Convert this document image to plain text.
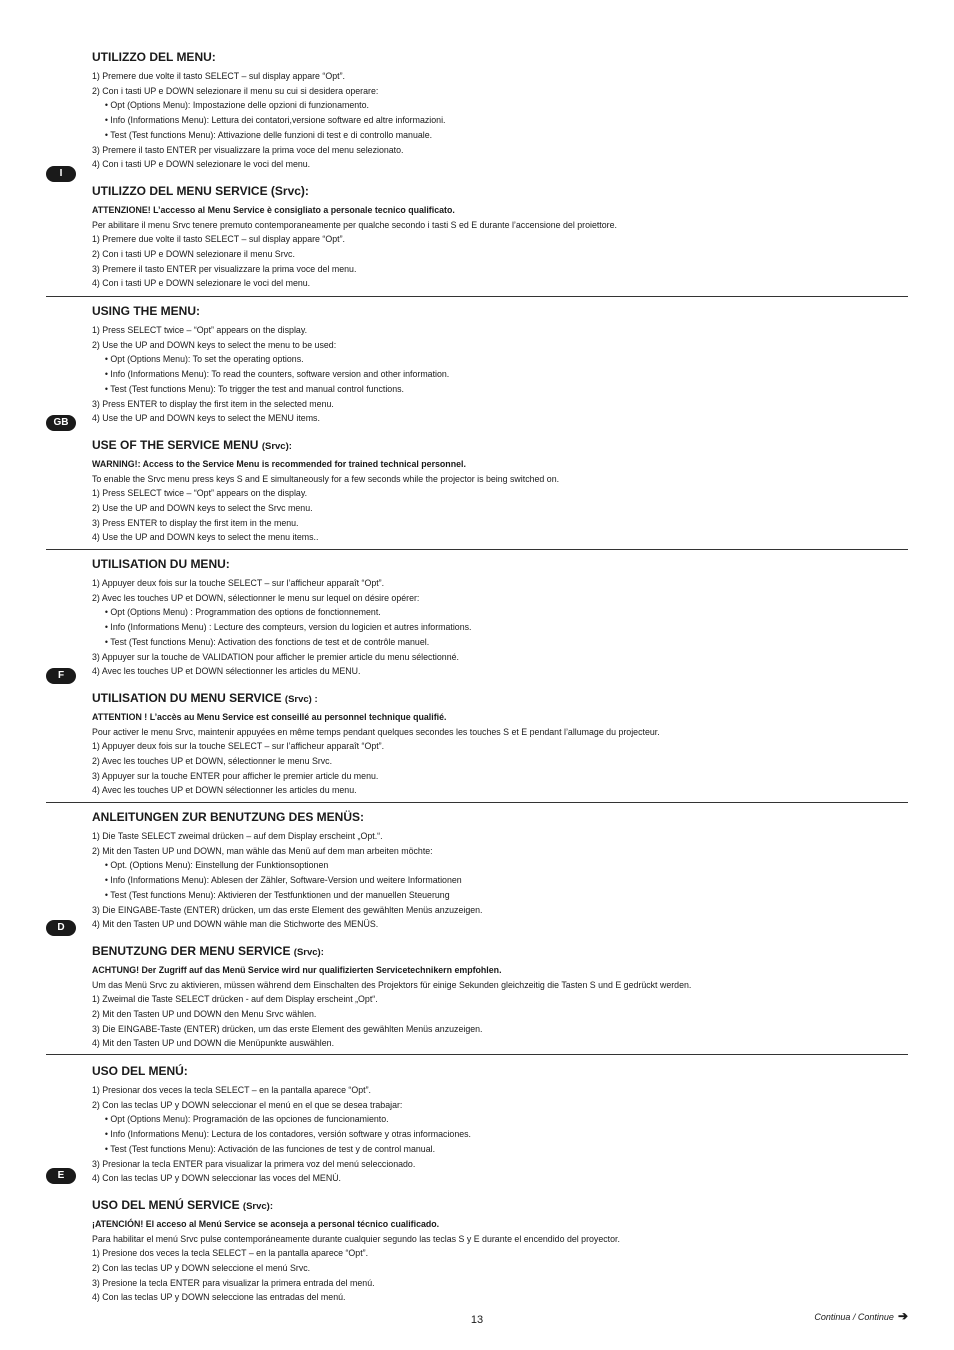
I
UTILIZZO DEL MENU:
1) Premere due volte il tasto SELECT – sul display appare “Opt”.
2) Con i tasti UP e DOWN selezionare il menu su cui si desidera operare:
• Opt (Options Menu): Impostazione delle opzioni di funzionamento.
• Info (Informations Menu): Lettura dei contatori,versione software ed altre informazioni.
• Test (Test functions Menu): Attivazione delle funzioni di test e di controllo manuale.
3) Premere il tasto ENTER per visualizzare la prima voce del menu selezionato.
4) Con i tasti UP e DOWN selezionare le voci del menu.
UTILIZZO DEL MENU SERVICE (Srvc):
ATTENZIONE! L’accesso al Menu Service è consigliato a personale tecnico qualificato.
Per abilitare il menu Srvc tenere premuto contemporaneamente per qualche secondo i tasti S ed E durante l’accensione del proiettore.
1) Premere due volte il tasto SELECT – sul display appare “Opt”.
2) Con i tasti UP e DOWN selezionare il menu Srvc.
3) Premere il tasto ENTER per visualizzare la prima voce del menu.
4) Con i tasti UP e DOWN selezionare le voci del menu.
GB
USING THE MENU:
1) Press SELECT twice – “Opt” appears on the display.
2) Use the UP and DOWN keys to select the menu to be used:
• Opt (Options Menu): To set the operating options.
• Info (Informations Menu): To read the counters, software version and other information.
• Test (Test functions Menu): To trigger the test and manual control functions.
3) Press ENTER to display the first item in the selected menu.
4) Use the UP and DOWN keys to select the MENU items.
USE OF THE SERVICE MENU (Srvc):
WARNING!: Access to the Service Menu is recommended for trained technical personnel.
To enable the Srvc menu press keys S and E simultaneously for a few seconds while the projector is being switched on.
1) Press SELECT twice – “Opt” appears on the display.
2) Use the UP and DOWN keys to select the Srvc menu.
3) Press ENTER to display the first item in the menu.
4) Use the UP and DOWN keys to select the menu items..
F
UTILISATION DU MENU:
1) Appuyer deux fois sur la touche SELECT – sur l’afficheur apparaît “Opt”.
2) Avec les touches UP et DOWN, sélectionner le menu sur lequel on désire opérer:
• Opt (Options Menu) : Programmation des options de fonctionnement.
• Info (Informations Menu) : Lecture des compteurs, version du logicien et autres informations.
• Test (Test functions Menu): Activation des fonctions de test et de contrôle manuel.
3) Appuyer sur la touche de VALIDATION pour afficher le premier article du menu sélectionné.
4) Avec les touches UP et DOWN sélectionner les articles du MENU.
UTILISATION DU MENU SERVICE (Srvc) :
ATTENTION ! L’accès au Menu Service est conseillé au personnel technique qualifié.
Pour activer le menu Srvc, maintenir appuyées en même temps pendant quelques secondes les touches S et E pendant l’allumage du projecteur.
1) Appuyer deux fois sur la touche SELECT – sur l’afficheur apparaît “Opt”.
2) Avec les touches UP et DOWN, sélectionner le menu Srvc.
3) Appuyer sur la touche ENTER pour afficher le premier article du menu.
4) Avec les touches UP et DOWN sélectionner les articles du menu.
D
ANLEITUNGEN ZUR BENUTZUNG DES MENÜS:
1) Die Taste SELECT zweimal drücken – auf dem Display erscheint „Opt.“.
2) Mit den Tasten UP und DOWN, man wähle das Menü auf dem man arbeiten möchte:
• Opt. (Options Menu): Einstellung der Funktionsoptionen
• Info (Informations Menu): Ablesen der Zähler, Software-Version und weitere Informationen
• Test (Test functions Menu): Aktivieren der Testfunktionen und der manuellen Steuerung
3) Die EINGABE-Taste (ENTER) drücken, um das erste Element des gewählten Menüs anzuzeigen.
4) Mit den Tasten UP und DOWN wähle man die Stichworte des MENÜS.
BENUTZUNG DER MENU SERVICE (Srvc):
ACHTUNG! Der Zugriff auf das Menü Service wird nur qualifizierten Servicetechnikern empfohlen.
Um das Menü Srvc zu aktivieren, müssen während dem Einschalten des Projektors für einige Sekunden gleichzeitig die Tasten S und E gedrückt werden.
1) Zweimal die Taste SELECT drücken - auf dem Display erscheint „Opt“.
2) Mit den Tasten UP und DOWN den Menu Srvc wählen.
3) Die EINGABE-Taste (ENTER) drücken, um das erste Element des gewählten Menüs anzuzeigen.
4) Mit den Tasten UP und DOWN die Menüpunkte auswählen.
E
USO DEL MENÚ:
1) Presionar dos veces la tecla SELECT – en la pantalla aparece “Opt”.
2) Con las teclas UP y DOWN seleccionar el menú en el que se desea trabajar:
• Opt (Options Menu): Programación de las opciones de funcionamiento.
• Info (Informations Menu): Lectura de los contadores, versión software y otras informaciones.
• Test (Test functions Menu): Activación de las funciones de test y de control manual.
3) Presionar la tecla ENTER para visualizar la primera voz del menú seleccionado.
4) Con las teclas UP y DOWN seleccionar las voces del MENÚ.
USO DEL MENÚ SERVICE (Srvc):
¡ATENCIÓN! El acceso al Menú Service se aconseja a personal técnico cualificado.
Para habilitar el menú Srvc pulse contemporáneamente durante cualquier segundo las teclas S y E durante el encendido del proyector.
1) Presione dos veces la tecla SELECT – en la pantalla aparece “Opt”.
2) Con las teclas UP y DOWN seleccione el menú Srvc.
3) Presione la tecla ENTER para visualizar la primera entrada del menú.
4) Con las teclas UP y DOWN seleccione las entradas del menú.
13	Continua / Continue ➔
